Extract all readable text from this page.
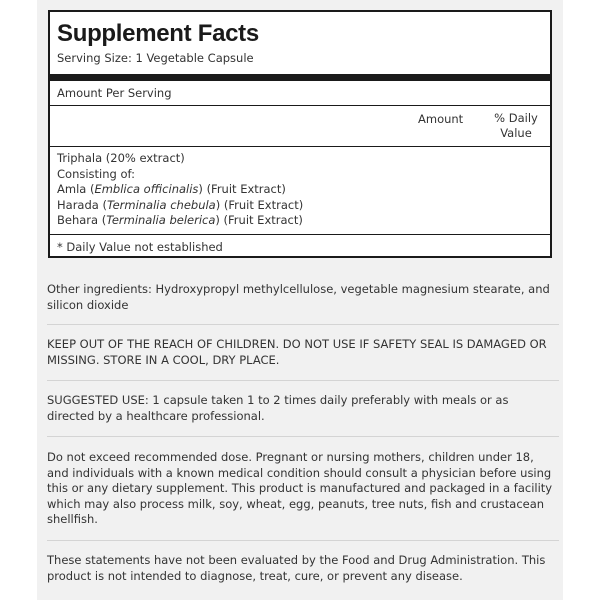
Supplement Facts
Serving Size: 1 Vegetable Capsule
Amount Per Serving
Amount	% Daily
Value
Triphala (20% extract)
Consisting of:
Amla (Emblica officinalis) (Fruit Extract)
Harada (Terminalia chebula) (Fruit Extract)
Behara (Terminalia belerica) (Fruit Extract)
* Daily Value not established
Other ingredients: Hydroxypropyl methylcellulose, vegetable magnesium stearate, and silicon dioxide
KEEP OUT OF THE REACH OF CHILDREN. DO NOT USE IF SAFETY SEAL IS DAMAGED OR MISSING. STORE IN A COOL, DRY PLACE.
SUGGESTED USE: 1 capsule taken 1 to 2 times daily preferably with meals or as directed by a healthcare professional.
Do not exceed recommended dose. Pregnant or nursing mothers, children under 18, and individuals with a known medical condition should consult a physician before using this or any dietary supplement. This product is manufactured and packaged in a facility which may also process milk, soy, wheat, egg, peanuts, tree nuts, fish and crustacean shellfish.
These statements have not been evaluated by the Food and Drug Administration. This product is not intended to diagnose, treat, cure, or prevent any disease.
